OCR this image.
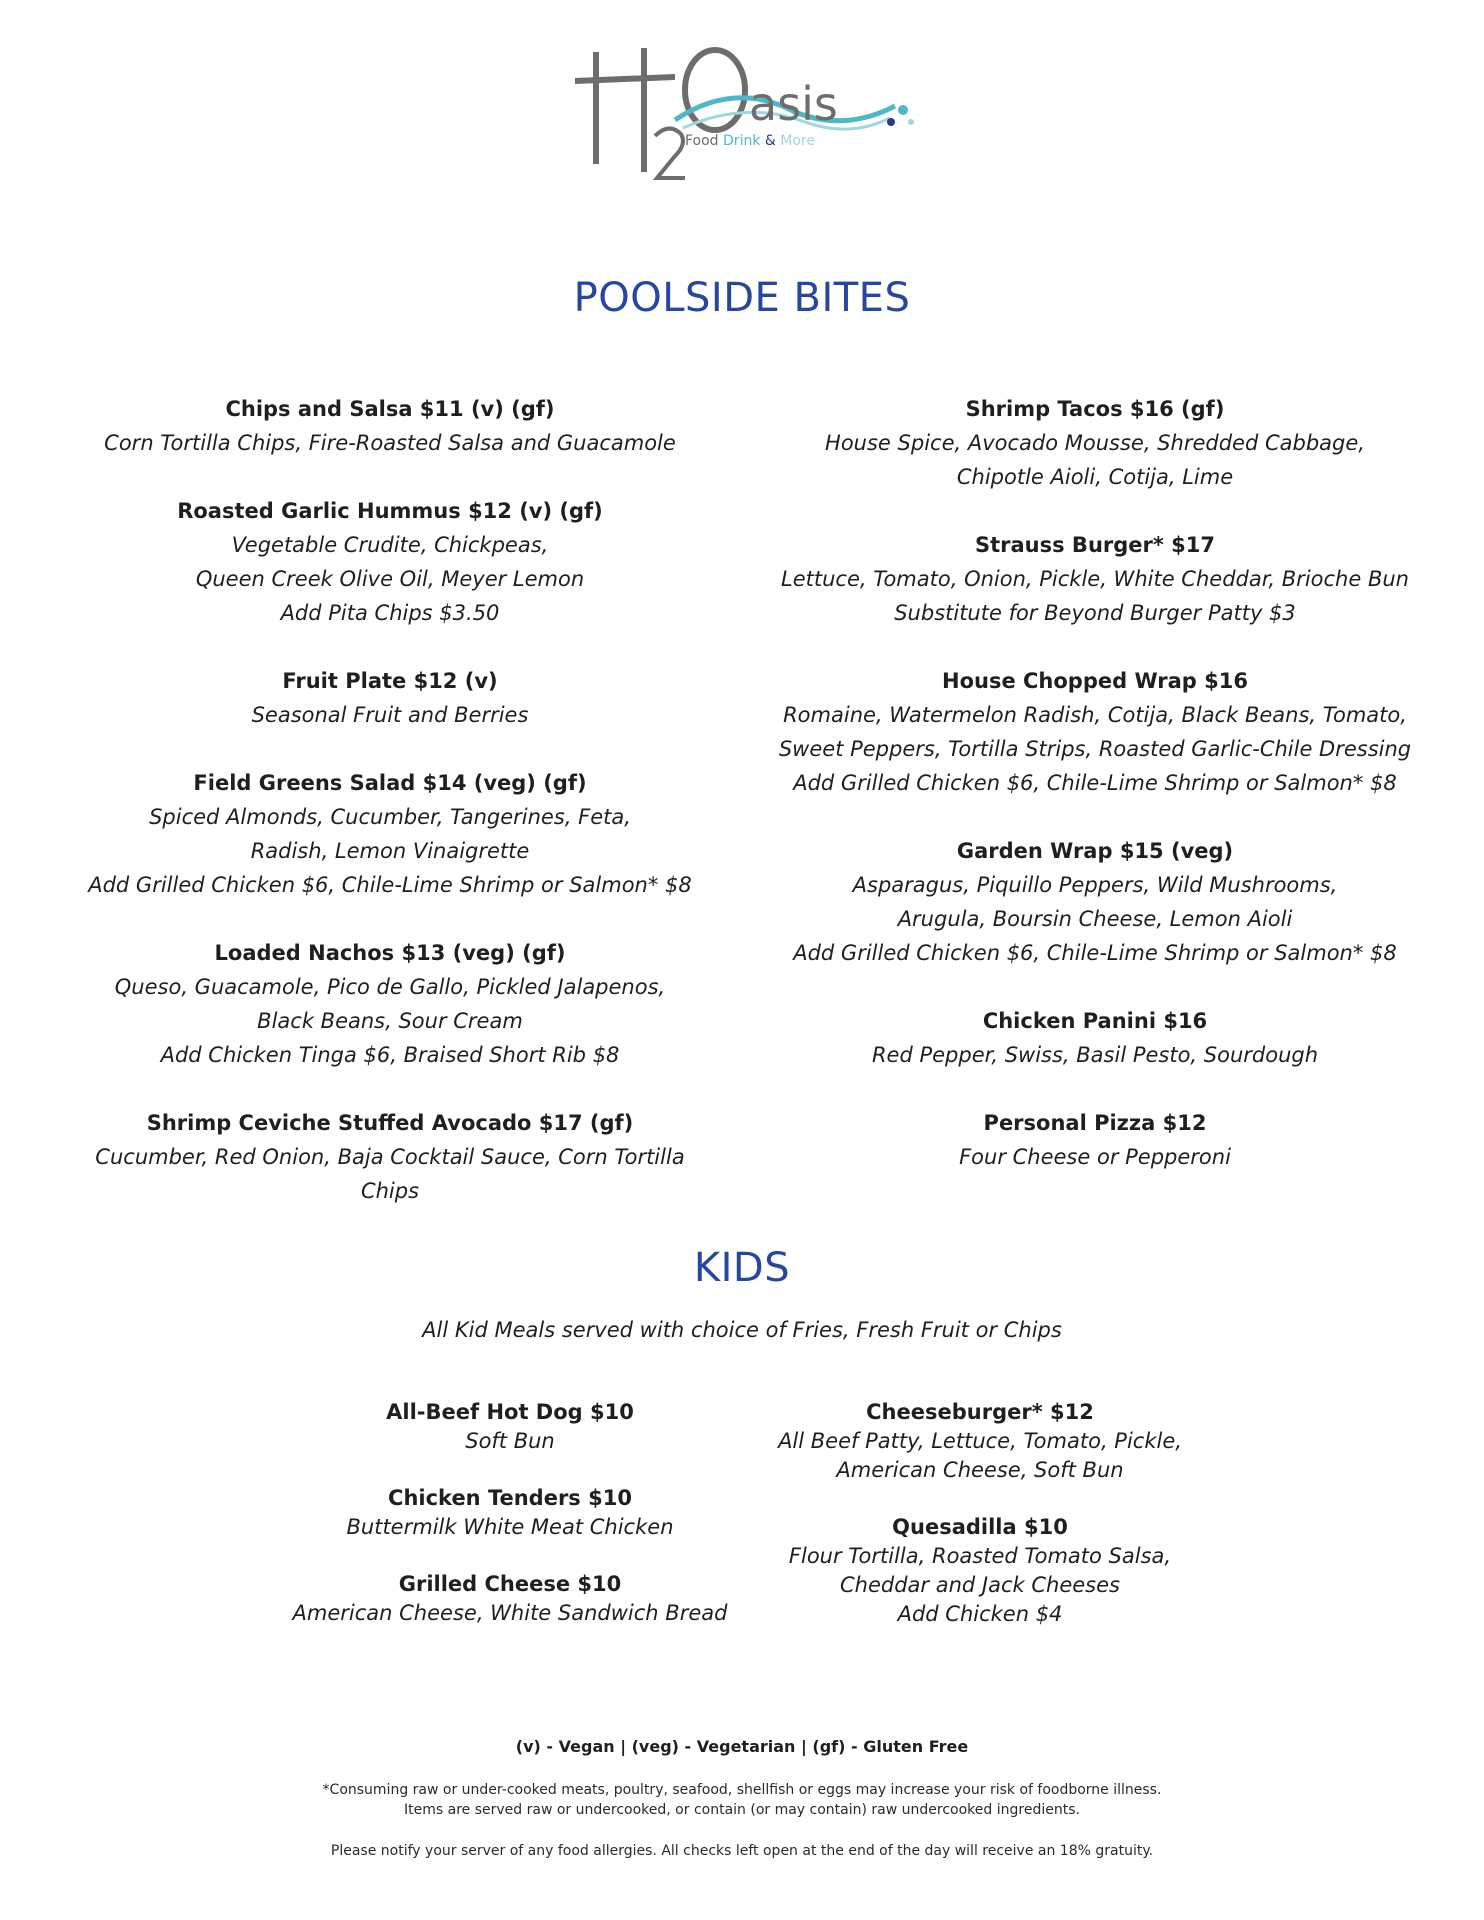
asis
Food Drink & More
POOLSIDE BITES
Chips and Salsa $11 (v) (gf)
Corn Tortilla Chips, Fire-Roasted Salsa and Guacamole
Roasted Garlic Hummus $12 (v) (gf)
Vegetable Crudite, Chickpeas,
Queen Creek Olive Oil, Meyer Lemon
Add Pita Chips $3.50
Fruit Plate $12 (v)
Seasonal Fruit and Berries
Field Greens Salad $14 (veg) (gf)
Spiced Almonds, Cucumber, Tangerines, Feta,
Radish, Lemon Vinaigrette
Add Grilled Chicken $6, Chile-Lime Shrimp or Salmon* $8
Loaded Nachos $13 (veg) (gf)
Queso, Guacamole, Pico de Gallo, Pickled Jalapenos,
Black Beans, Sour Cream
Add Chicken Tinga $6, Braised Short Rib $8
Shrimp Ceviche Stuffed Avocado $17 (gf)
Cucumber, Red Onion, Baja Cocktail Sauce, Corn Tortilla Chips
Shrimp Tacos $16 (gf)
House Spice, Avocado Mousse, Shredded Cabbage,
Chipotle Aioli, Cotija, Lime
Strauss Burger* $17
Lettuce, Tomato, Onion, Pickle, White Cheddar, Brioche Bun
Substitute for Beyond Burger Patty $3
House Chopped Wrap $16
Romaine, Watermelon Radish, Cotija, Black Beans, Tomato,
Sweet Peppers, Tortilla Strips, Roasted Garlic-Chile Dressing
Add Grilled Chicken $6, Chile-Lime Shrimp or Salmon* $8
Garden Wrap $15 (veg)
Asparagus, Piquillo Peppers, Wild Mushrooms,
Arugula, Boursin Cheese, Lemon Aioli
Add Grilled Chicken $6, Chile-Lime Shrimp or Salmon* $8
Chicken Panini $16
Red Pepper, Swiss, Basil Pesto, Sourdough
Personal Pizza $12
Four Cheese or Pepperoni
KIDS
All Kid Meals served with choice of Fries, Fresh Fruit or Chips
All-Beef Hot Dog $10
Soft Bun
Chicken Tenders $10
Buttermilk White Meat Chicken
Grilled Cheese $10
American Cheese, White Sandwich Bread
Cheeseburger* $12
All Beef Patty, Lettuce, Tomato, Pickle,
American Cheese, Soft Bun
Quesadilla $10
Flour Tortilla, Roasted Tomato Salsa,
Cheddar and Jack Cheeses
Add Chicken $4
(v) - Vegan | (veg) - Vegetarian | (gf) - Gluten Free
*Consuming raw or under-cooked meats, poultry, seafood, shellfish or eggs may increase your risk of foodborne illness.
Items are served raw or undercooked, or contain (or may contain) raw undercooked ingredients.
Please notify your server of any food allergies. All checks left open at the end of the day will receive an 18% gratuity.
